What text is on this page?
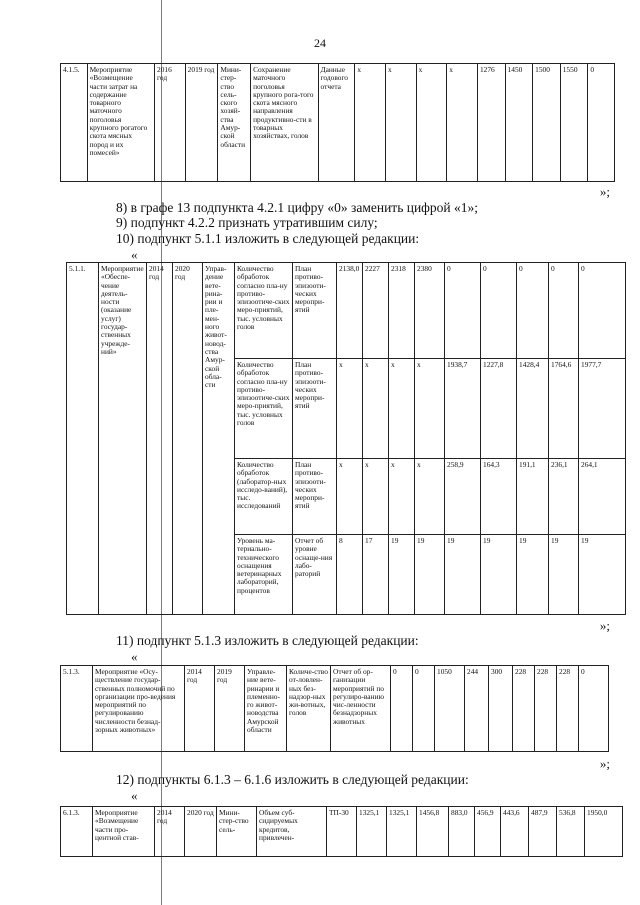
24
4.1.5.	Мероприятие «Возмещение части затрат на содержание товарного маточного поголовья крупного рогатого скота мясных пород и их помесей»	2016 год	2019 год	Мини-стер-ство сель-ского хозяй-ства Амур-ской области	Сохранение маточного поголовья крупного рога-того скота мясного направления продуктивно-сти в товарных хозяйствах, голов	Данные годового отчета	x	x	x	x	1276	1450	1500	1550	0
»;
8) в графе 13 подпункта 4.2.1 цифру «0» заменить цифрой «1»;
9) подпункт 4.2.2 признать утратившим силу;
10) подпункт 5.1.1 изложить в следующей редакции:
«
5.1.1.	Мероприятие «Обеспе-чение деятель-ности (оказание услуг) государ-ственных учрежде-ний»	2014 год	2020 год	Управ-дение вете-рина-рии и пле-мен-ного живот-новод-ства Амур-ской обла-сти	Количество обработок согласно пла-ну противо-эпизоотиче-ских меро-приятий, тыс. условных голов	План противо-эпизооти-ческих меропри-ятий	2138,0	2227	2318	2380	0	0	0	0	0
					Количество обработок согласно пла-ну противо-эпизоотиче-ских меро-приятий, тыс. условных голов	План противо-эпизооти-ческих меропри-ятий	x	x	x	x	1938,7	1227,8	1428,4	1764,6	1977,7
					Количество обработок (лаборатор-ных исследо-ваний), тыс. исследований	План противо-эпизооти-ческих меропри-ятий	x	x	x	x	258,9	164,3	191,1	236,1	264,1
					Уровень ма-териально-технического оснащения ветеринарных лабораторий, процентов	Отчет об уровне оснаще-ния лабо-раторий	8	17	19	19	19	19	19	19	19
»;
11) подпункт 5.1.3 изложить в следующей редакции:
«
5.1.3.	Мероприятие «Осу-ществление государ-ственных полномочий по организации про-ведения мероприятий по регулированию численности безнад-зорных животных»	2014 год	2019 год	Управле-ние вете-ринарии и племенно-го живот-новодства Амурской области	Количе-ство от-ловлен-ных без-надзор-ных жи-вотных, голов	Отчет об ор-ганизации мероприятий по регулиро-ванию чис-ленности безнадзорных животных	0	0	1050	244	300	228	228	228	0
»;
12) подпункты 6.1.3 – 6.1.6 изложить в следующей редакции:
«
6.1.3.	Мероприятие «Возмещение части про-центной став-	2014 год	2020 год	Мини-стер-ство сель-	Объем суб-сидируемых кредитов, привлечен-	ТП-30	1325,1	1325,1	1456,8	883,0	456,9	443,6	487,9	536,8	1950,0
